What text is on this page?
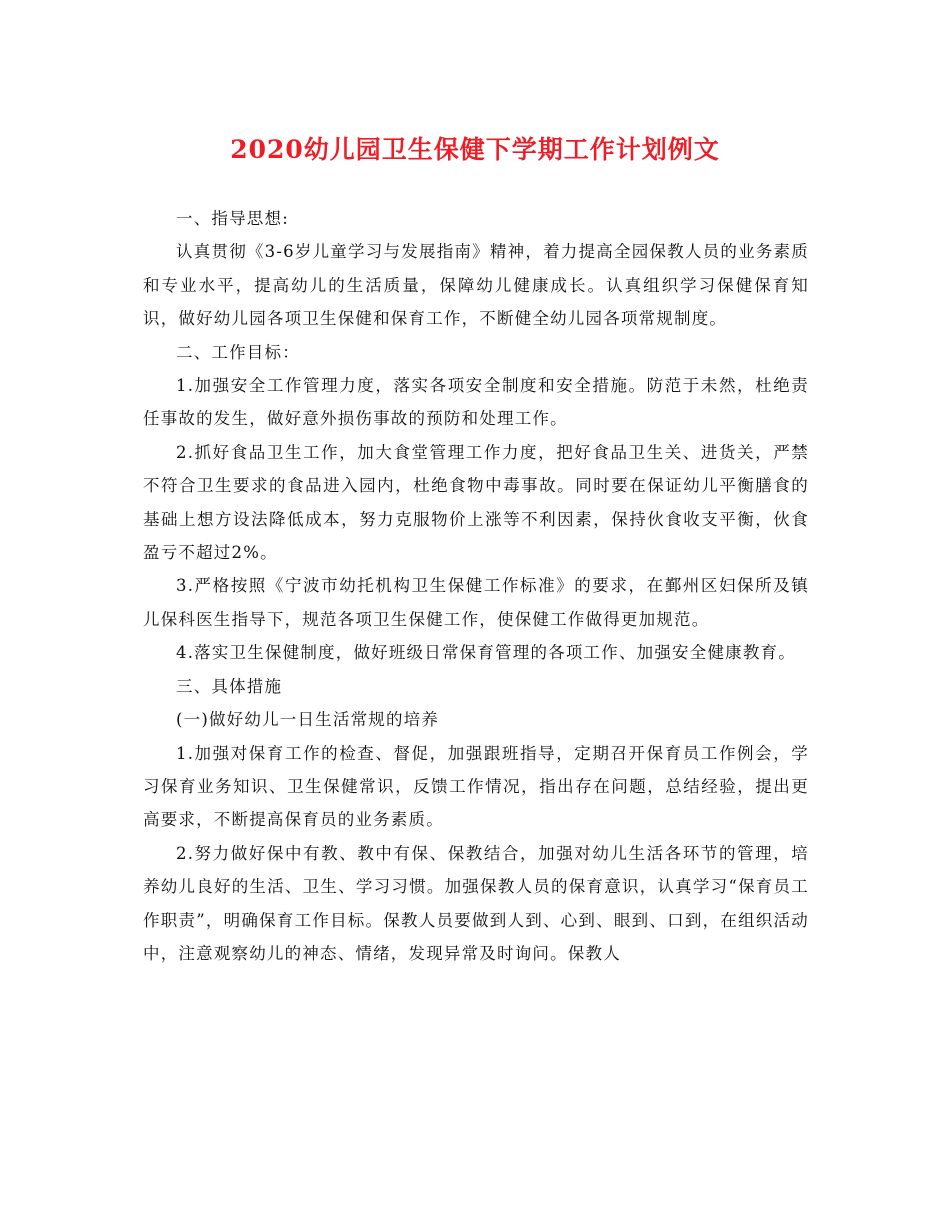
2020幼儿园卫生保健下学期工作计划例文

一、指导思想:

认真贯彻《3-6岁儿童学习与发展指南》精神，着力提高全园保教人员的业务素质和专业水平，提高幼儿的生活质量，保障幼儿健康成长。认真组织学习保健保育知识，做好幼儿园各项卫生保健和保育工作，不断健全幼儿园各项常规制度。

二、工作目标：

1.加强安全工作管理力度，落实各项安全制度和安全措施。防范于未然，杜绝责任事故的发生，做好意外损伤事故的预防和处理工作。

2.抓好食品卫生工作，加大食堂管理工作力度，把好食品卫生关、进货关，严禁不符合卫生要求的食品进入园内，杜绝食物中毒事故。同时要在保证幼儿平衡膳食的基础上想方设法降低成本，努力克服物价上涨等不利因素，保持伙食收支平衡，伙食盈亏不超过2%。

3.严格按照《宁波市幼托机构卫生保健工作标准》的要求，在鄞州区妇保所及镇儿保科医生指导下，规范各项卫生保健工作，使保健工作做得更加规范。

4.落实卫生保健制度，做好班级日常保育管理的各项工作、加强安全健康教育。

三、具体措施

(一)做好幼儿一日生活常规的培养

1.加强对保育工作的检查、督促，加强跟班指导，定期召开保育员工作例会，学习保育业务知识、卫生保健常识，反馈工作情况，指出存在问题，总结经验，提出更高要求，不断提高保育员的业务素质。

2.努力做好保中有教、教中有保、保教结合，加强对幼儿生活各环节的管理，培养幼儿良好的生活、卫生、学习习惯。加强保教人员的保育意识，认真学习“保育员工作职责”，明确保育工作目标。保教人员要做到人到、心到、眼到、口到，在组织活动中，注意观察幼儿的神态、情绪，发现异常及时询问。保教人
